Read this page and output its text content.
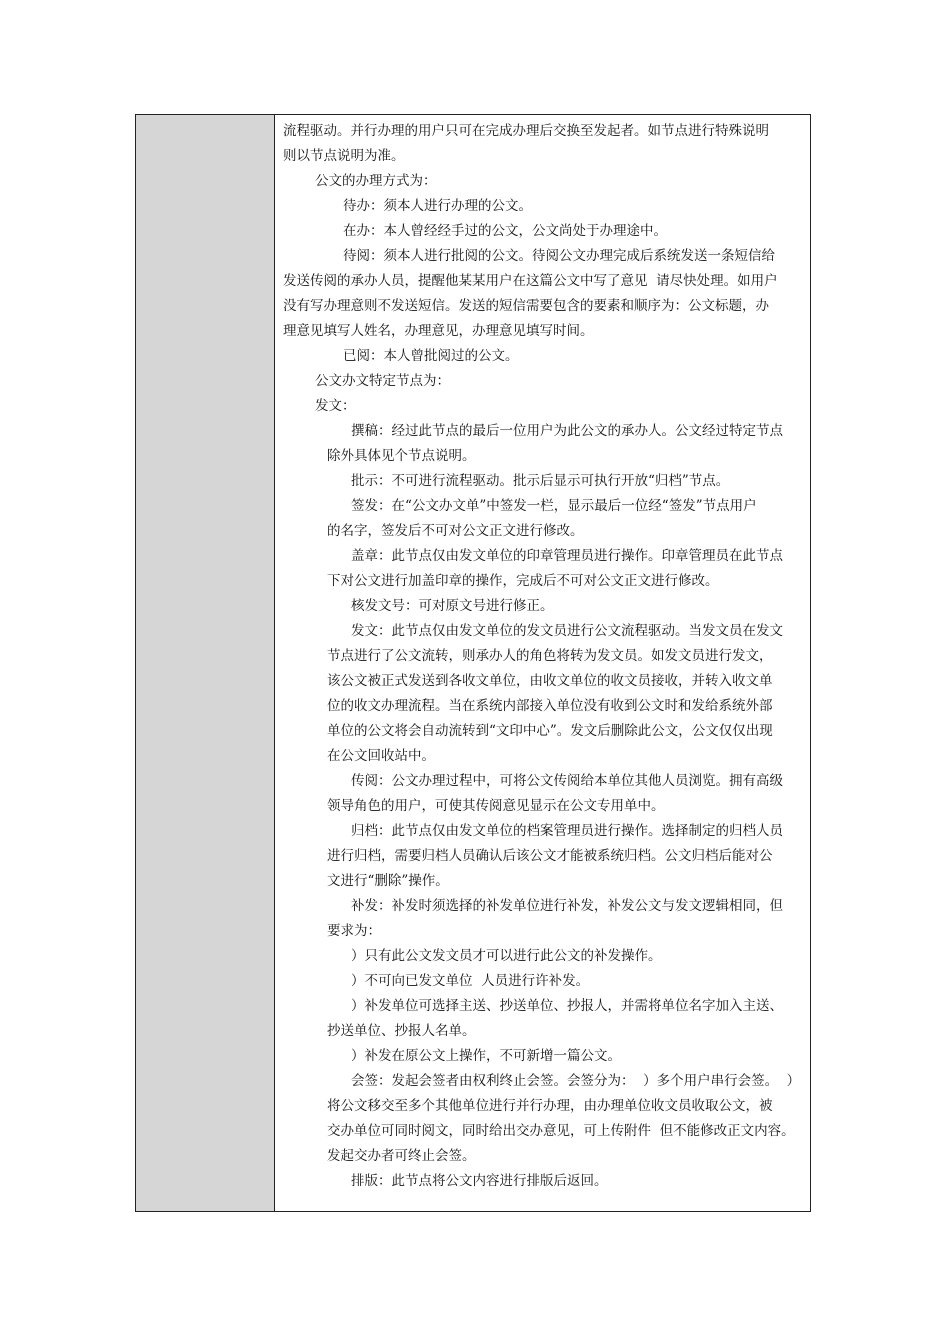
流程驱动。并行办理的用户只可在完成办理后交换至发起者。如节点进行特殊说明
则以节点说明为准。
公文的办理方式为：
待办：须本人进行办理的公文。
在办：本人曾经经手过的公文，公文尚处于办理途中。
待阅：须本人进行批阅的公文。待阅公文办理完成后系统发送一条短信给
发送传阅的承办人员，提醒他某某用户在这篇公文中写了意见  请尽快处理。如用户
没有写办理意则不发送短信。发送的短信需要包含的要素和顺序为：公文标题，办
理意见填写人姓名，办理意见，办理意见填写时间。
已阅：本人曾批阅过的公文。
公文办文特定节点为：
发文：
撰稿：经过此节点的最后一位用户为此公文的承办人。公文经过特定节点
除外具体见个节点说明。
批示：不可进行流程驱动。批示后显示可执行开放“归档”节点。
签发：在“公文办文单”中签发一栏，显示最后一位经“签发”节点用户
的名字，签发后不可对公文正文进行修改。
盖章：此节点仅由发文单位的印章管理员进行操作。印章管理员在此节点
下对公文进行加盖印章的操作，完成后不可对公文正文进行修改。
核发文号：可对原文号进行修正。
发文：此节点仅由发文单位的发文员进行公文流程驱动。当发文员在发文
节点进行了公文流转，则承办人的角色将转为发文员。如发文员进行发文，
该公文被正式发送到各收文单位，由收文单位的收文员接收，并转入收文单
位的收文办理流程。当在系统内部接入单位没有收到公文时和发给系统外部
单位的公文将会自动流转到“文印中心”。发文后删除此公文，公文仅仅出现
在公文回收站中。
传阅：公文办理过程中，可将公文传阅给本单位其他人员浏览。拥有高级
领导角色的用户，可使其传阅意见显示在公文专用单中。
归档：此节点仅由发文单位的档案管理员进行操作。选择制定的归档人员
进行归档，需要归档人员确认后该公文才能被系统归档。公文归档后能对公
文进行“删除”操作。
补发：补发时须选择的补发单位进行补发，补发公文与发文逻辑相同，但
要求为：
）只有此公文发文员才可以进行此公文的补发操作。
）不可向已发文单位  人员进行许补发。
）补发单位可选择主送、抄送单位、抄报人，并需将单位名字加入主送、
抄送单位、抄报人名单。
）补发在原公文上操作，不可新增一篇公文。
会签：发起会签者由权利终止会签。会签分为：  ）多个用户串行会签。  ）
将公文移交至多个其他单位进行并行办理，由办理单位收文员收取公文，被
交办单位可同时阅文，同时给出交办意见，可上传附件  但不能修改正文内容。
发起交办者可终止会签。
排版：此节点将公文内容进行排版后返回。
